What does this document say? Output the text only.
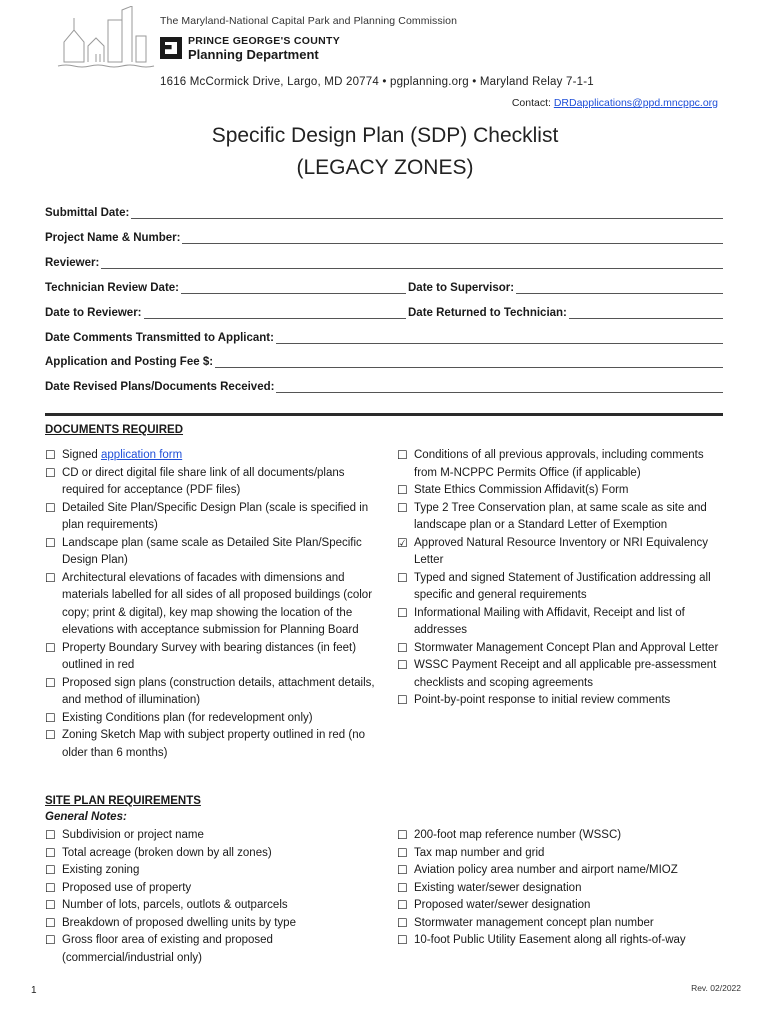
The Maryland-National Capital Park and Planning Commission
PRINCE GEORGE'S COUNTY
Planning Department
1616 McCormick Drive, Largo, MD 20774 • pgplanning.org • Maryland Relay 7-1-1
Contact: DRDapplications@ppd.mncppc.org
Specific Design Plan (SDP) Checklist
(LEGACY ZONES)
Submittal Date:
Project Name & Number:
Reviewer:
Technician Review Date:	Date to Supervisor:
Date to Reviewer:	Date Returned to Technician:
Date Comments Transmitted to Applicant:
Application and Posting Fee $:
Date Revised Plans/Documents Received:
DOCUMENTS REQUIRED
☐ Signed application form
☐ CD or direct digital file share link of all documents/plans required for acceptance (PDF files)
☐ Detailed Site Plan/Specific Design Plan (scale is specified in plan requirements)
☐ Landscape plan (same scale as Detailed Site Plan/Specific Design Plan)
☐ Architectural elevations of facades with dimensions and materials labelled for all sides of all proposed buildings (color copy; print & digital), key map showing the location of the elevations with acceptance submission for Planning Board
☐ Property Boundary Survey with bearing distances (in feet) outlined in red
☐ Proposed sign plans (construction details, attachment details, and method of illumination)
☐ Existing Conditions plan (for redevelopment only)
☐ Zoning Sketch Map with subject property outlined in red (no older than 6 months)
☐ Conditions of all previous approvals, including comments from M-NCPPC Permits Office (if applicable)
☐ State Ethics Commission Affidavit(s) Form
☐ Type 2 Tree Conservation plan, at same scale as site and landscape plan or a Standard Letter of Exemption
☑ Approved Natural Resource Inventory or NRI Equivalency Letter
☐ Typed and signed Statement of Justification addressing all specific and general requirements
☐ Informational Mailing with Affidavit, Receipt and list of addresses
☐ Stormwater Management Concept Plan and Approval Letter
☐ WSSC Payment Receipt and all applicable pre-assessment checklists and scoping agreements
☐ Point-by-point response to initial review comments
SITE PLAN REQUIREMENTS
General Notes:
☐ Subdivision or project name
☐ Total acreage (broken down by all zones)
☐ Existing zoning
☐ Proposed use of property
☐ Number of lots, parcels, outlots & outparcels
☐ Breakdown of proposed dwelling units by type
☐ Gross floor area of existing and proposed (commercial/industrial only)
☐ 200-foot map reference number (WSSC)
☐ Tax map number and grid
☐ Aviation policy area number and airport name/MIOZ
☐ Existing water/sewer designation
☐ Proposed water/sewer designation
☐ Stormwater management concept plan number
☐ 10-foot Public Utility Easement along all rights-of-way
1	Rev. 02/2022
